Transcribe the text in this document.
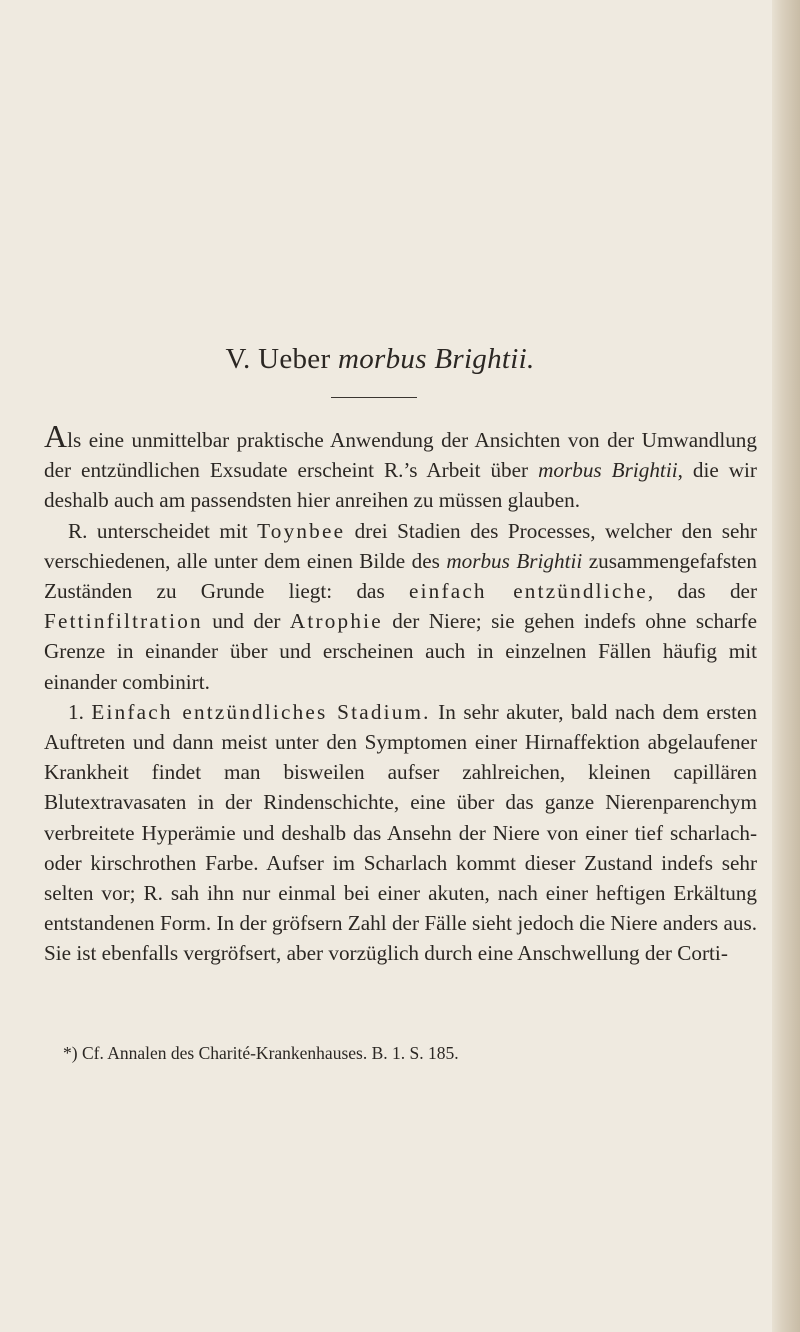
V. Ueber morbus Brightii.

Als eine unmittelbar praktische Anwendung der Ansichten von der Umwandlung der entzündlichen Exsudate erscheint R.’s Arbeit über morbus Brightii, die wir deshalb auch am passendsten hier anreihen zu müssen glauben.

R. unterscheidet mit Toynbee drei Stadien des Processes, welcher den sehr verschiedenen, alle unter dem einen Bilde des morbus Brightii zusammengefafsten Zuständen zu Grunde liegt: das einfach entzündliche, das der Fettinfiltration und der Atrophie der Niere; sie gehen indefs ohne scharfe Grenze in einander über und erscheinen auch in einzelnen Fällen häufig mit einander combinirt.

1. Einfach entzündliches Stadium. In sehr akuter, bald nach dem ersten Auftreten und dann meist unter den Symptomen einer Hirnaffektion abgelaufener Krankheit findet man bisweilen aufser zahlreichen, kleinen capillären Blutextravasaten in der Rindenschichte, eine über das ganze Nierenparenchym verbreitete Hyperämie und deshalb das Ansehn der Niere von einer tief scharlach- oder kirschrothen Farbe. Aufser im Scharlach kommt dieser Zustand indefs sehr selten vor; R. sah ihn nur einmal bei einer akuten, nach einer heftigen Erkältung entstandenen Form. In der gröfsern Zahl der Fälle sieht jedoch die Niere anders aus. Sie ist ebenfalls vergröfsert, aber vorzüglich durch eine Anschwellung der Corti-

*) Cf. Annalen des Charité-Krankenhauses. B. 1. S. 185.
